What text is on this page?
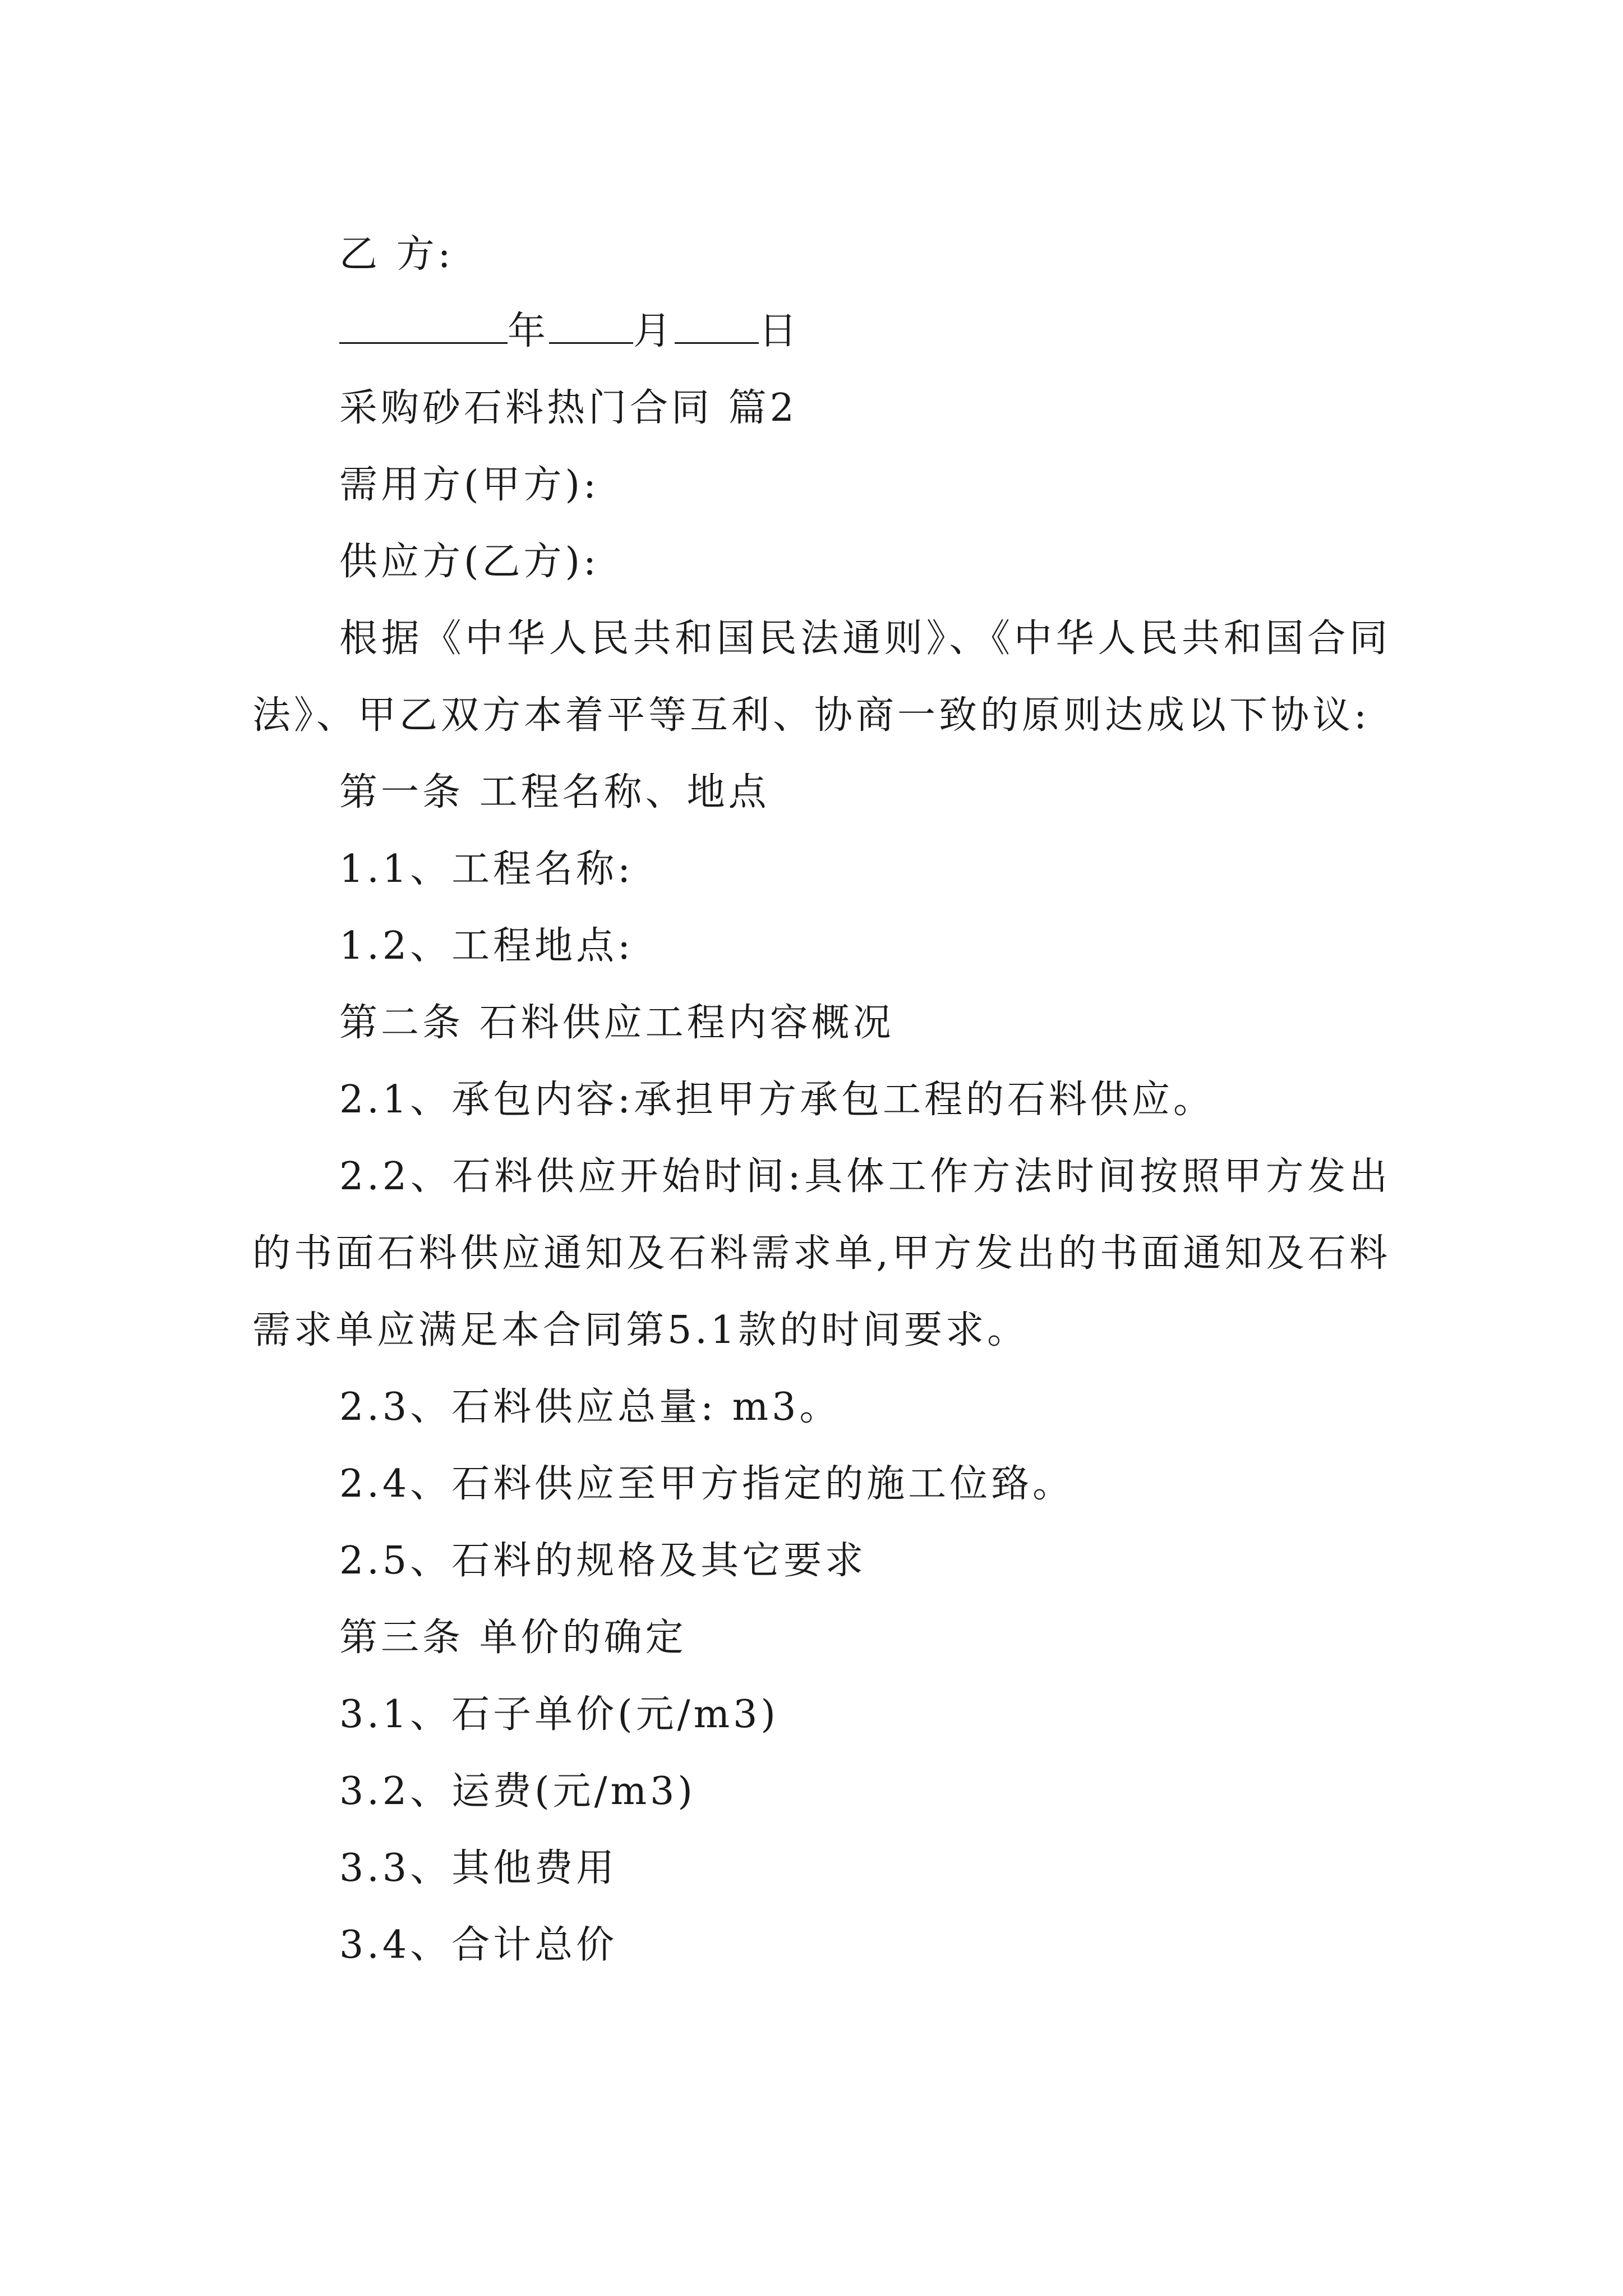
乙 方:
年 月 日
采购砂石料热门合同 篇2
需用方(甲方):
供应方(乙方):
根据《中华人民共和国民法通则》、《中华人民共和国合同法》、甲乙双方本着平等互利、协商一致的原则达成以下协议:
第一条 工程名称、地点
1.1、工程名称:
1.2、工程地点:
第二条 石料供应工程内容概况
2.1、承包内容:承担甲方承包工程的石料供应。
2.2、石料供应开始时间:具体工作方法时间按照甲方发出的书面石料供应通知及石料需求单,甲方发出的书面通知及石料需求单应满足本合同第5.1款的时间要求。
2.3、石料供应总量: m3。
2.4、石料供应至甲方指定的施工位臵。
2.5、石料的规格及其它要求
第三条 单价的确定
3.1、石子单价(元/m3)
3.2、运费(元/m3)
3.3、其他费用
3.4、合计总价
